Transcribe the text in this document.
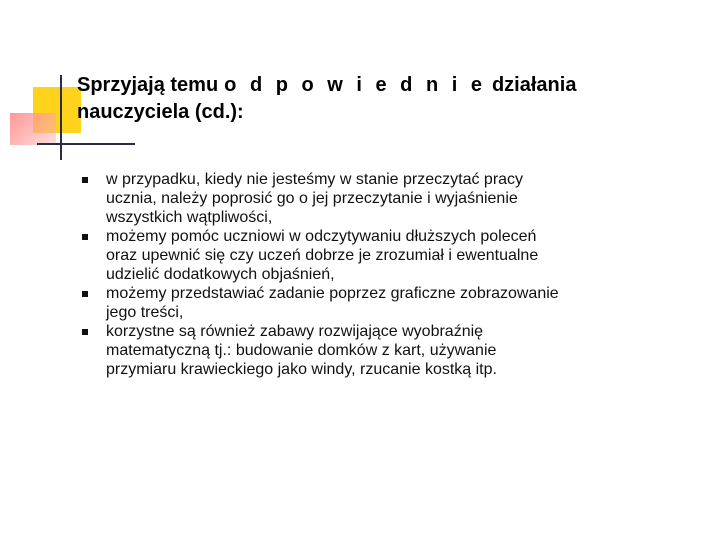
Sprzyjają temu o d p o w i e d n i e działania
nauczyciela (cd.):
w przypadku, kiedy nie jesteśmy w stanie przeczytać pracy
ucznia, należy poprosić go o jej przeczytanie i wyjaśnienie
wszystkich wątpliwości,
możemy pomóc uczniowi w odczytywaniu dłuższych poleceń
oraz upewnić się czy uczeń dobrze je zrozumiał i ewentualne
udzielić dodatkowych objaśnień,
możemy przedstawiać zadanie poprzez graficzne zobrazowanie
jego treści,
korzystne są również zabawy rozwijające wyobraźnię
matematyczną tj.: budowanie domków z kart, używanie
przymiaru krawieckiego jako windy, rzucanie kostką itp.
